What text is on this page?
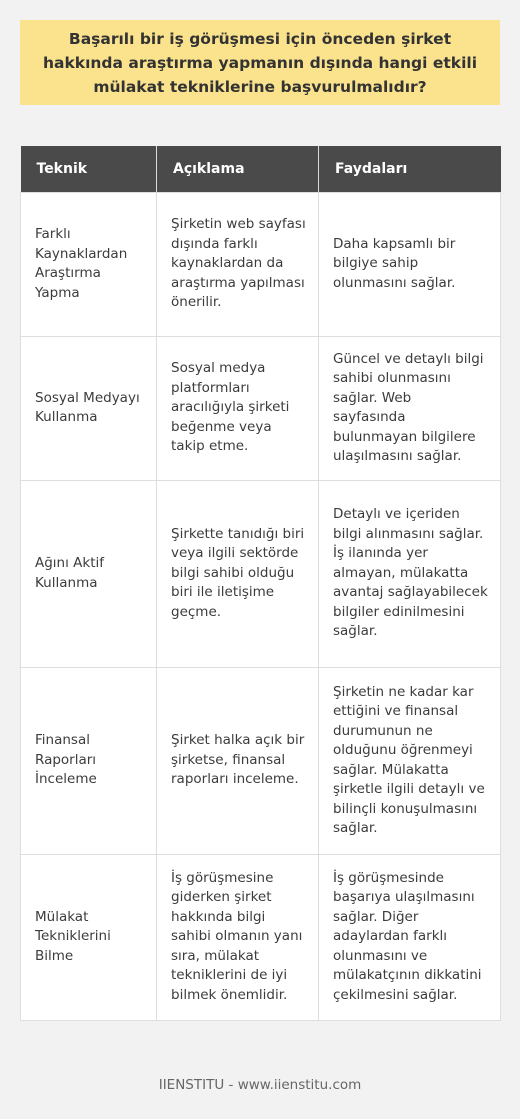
Başarılı bir iş görüşmesi için önceden şirket hakkında araştırma yapmanın dışında hangi etkili mülakat tekniklerine başvurulmalıdır?

Teknik	Açıklama	Faydaları
Farklı Kaynaklardan Araştırma Yapma	Şirketin web sayfası dışında farklı kaynaklardan da araştırma yapılması önerilir.	Daha kapsamlı bir bilgiye sahip olunmasını sağlar.
Sosyal Medyayı Kullanma	Sosyal medya platformları aracılığıyla şirketi beğenme veya takip etme.	Güncel ve detaylı bilgi sahibi olunmasını sağlar. Web sayfasında bulunmayan bilgilere ulaşılmasını sağlar.
Ağını Aktif Kullanma	Şirkette tanıdığı biri veya ilgili sektörde bilgi sahibi olduğu biri ile iletişime geçme.	Detaylı ve içeriden bilgi alınmasını sağlar. İş ilanında yer almayan, mülakatta avantaj sağlayabilecek bilgiler edinilmesini sağlar.
Finansal Raporları İnceleme	Şirket halka açık bir şirketse, finansal raporları inceleme.	Şirketin ne kadar kar ettiğini ve finansal durumunun ne olduğunu öğrenmeyi sağlar. Mülakatta şirketle ilgili detaylı ve bilinçli konuşulmasını sağlar.
Mülakat Tekniklerini Bilme	İş görüşmesine giderken şirket hakkında bilgi sahibi olmanın yanı sıra, mülakat tekniklerini de iyi bilmek önemlidir.	İş görüşmesinde başarıya ulaşılmasını sağlar. Diğer adaylardan farklı olunmasını ve mülakatçının dikkatini çekilmesini sağlar.
IIENSTITU - www.iienstitu.com
